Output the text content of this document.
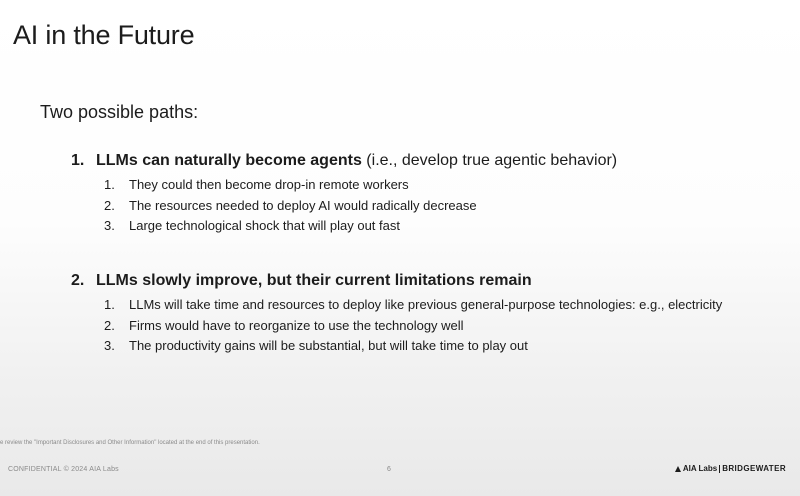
AI in the Future
Two possible paths:
1. LLMs can naturally become agents (i.e., develop true agentic behavior)
1. They could then become drop-in remote workers
2. The resources needed to deploy AI would radically decrease
3. Large technological shock that will play out fast
2. LLMs slowly improve, but their current limitations remain
1. LLMs will take time and resources to deploy like previous general-purpose technologies: e.g., electricity
2. Firms would have to reorganize to use the technology well
3. The productivity gains will be substantial, but will take time to play out
e review the "Important Disclosures and Other Information" located at the end of this presentation.
CONFIDENTIAL © 2024 AIA Labs	6	AIA Labs BRIDGEWATER
